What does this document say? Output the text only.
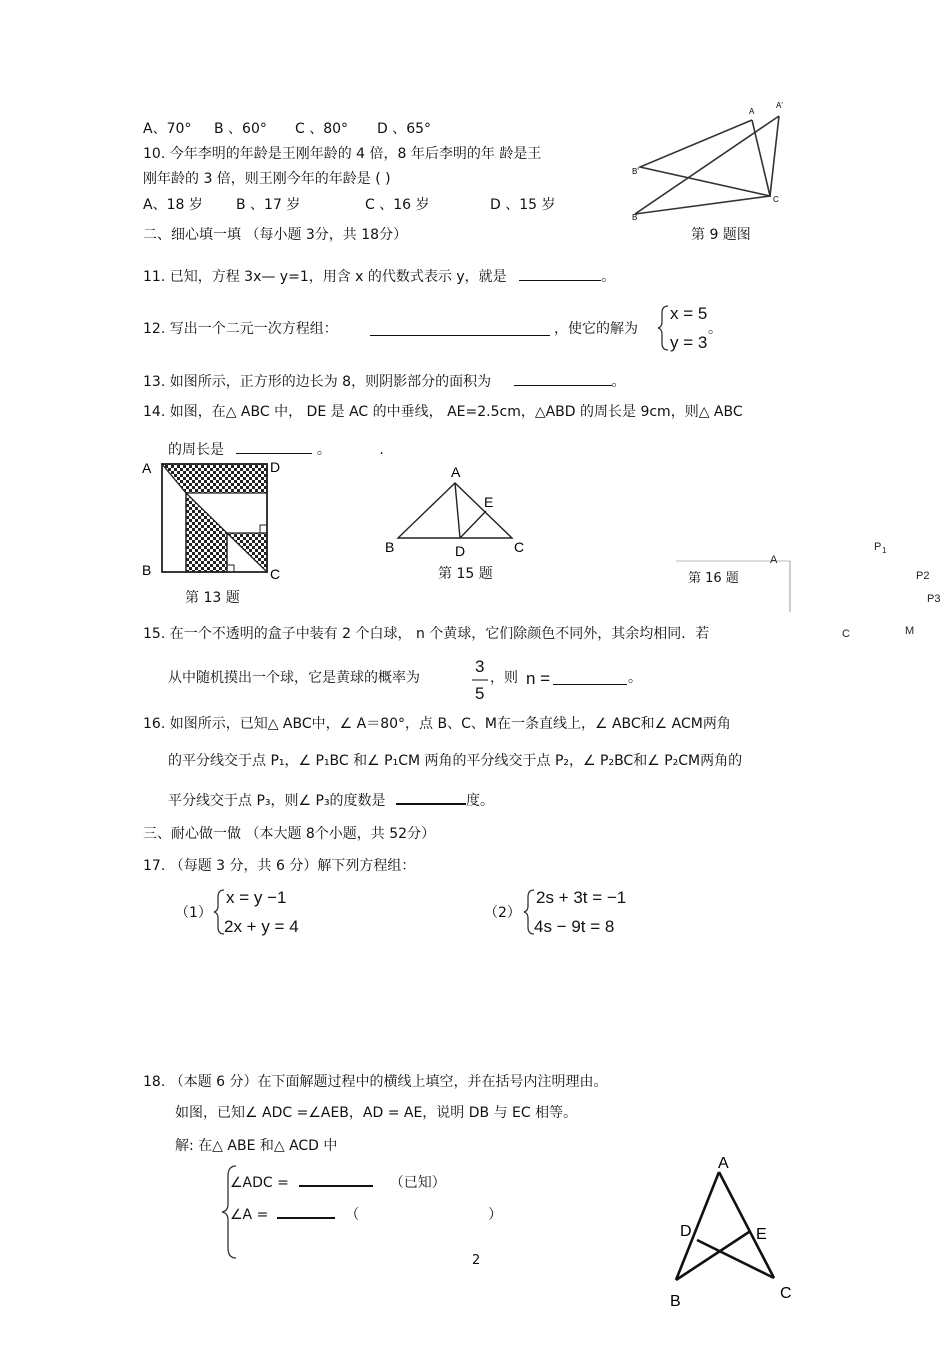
A、70° B 、60° C 、80° D 、65°
10. 今年李明的年龄是王刚年龄的 4 倍，8 年后李明的年 龄是王
刚年龄的 3 倍，则王刚今年的年龄是 ( )
A、18 岁 B 、17 岁	C 、16 岁	D 、15 岁
A
A'
B'
B
C
第 9 题图
二、细心填一填 （每小题 3分，共 18分）
11. 已知，方程 3x— y=1，用含 x 的代数式表示 y，就是	。
12. 写出一个二元一次方程组：	，使它的解为
x = 5
y = 3
。
13. 如图所示，正方形的边长为 8，则阴影部分的面积为	。
14. 如图，在△ ABC 中， DE 是 AC 的中垂线， AE=2.5cm，△ABD 的周长是 9cm，则△ ABC
的周长是	。	.
A	D
B	C
第 13 题
A
E
B	D	C
第 15 题
A
P 1
P2
P3
C	M
第 16 题
15. 在一个不透明的盒子中装有 2 个白球， n 个黄球，它们除颜色不同外，其余均相同．若
从中随机摸出一个球，它是黄球的概率为
3
5
，则 n =	。
16. 如图所示，已知△ ABC中，∠ A＝80°，点 B、C、M在一条直线上，∠ ABC和∠ ACM两角
的平分线交于点 P₁，∠ P₁BC 和∠ P₁CM 两角的平分线交于点 P₂，∠ P₂BC和∠ P₂CM两角的
平分线交于点 P₃，则∠ P₃的度数是	度。
三、耐心做一做 （本大题 8个小题，共 52分）
17. （每题 3 分，共 6 分）解下列方程组：
（1）
x = y −1
2x + y = 4
（2）
2s + 3t = −1
4s − 9t = 8
18. （本题 6 分）在下面解题过程中的横线上填空，并在括号内注明理由。
如图，已知∠ ADC =∠AEB，AD = AE，说明 DB 与 EC 相等。
解: 在△ ABE 和△ ACD 中
∠ADC =	（已知）
∠A =	（	）
A
D	E
B	C
2
